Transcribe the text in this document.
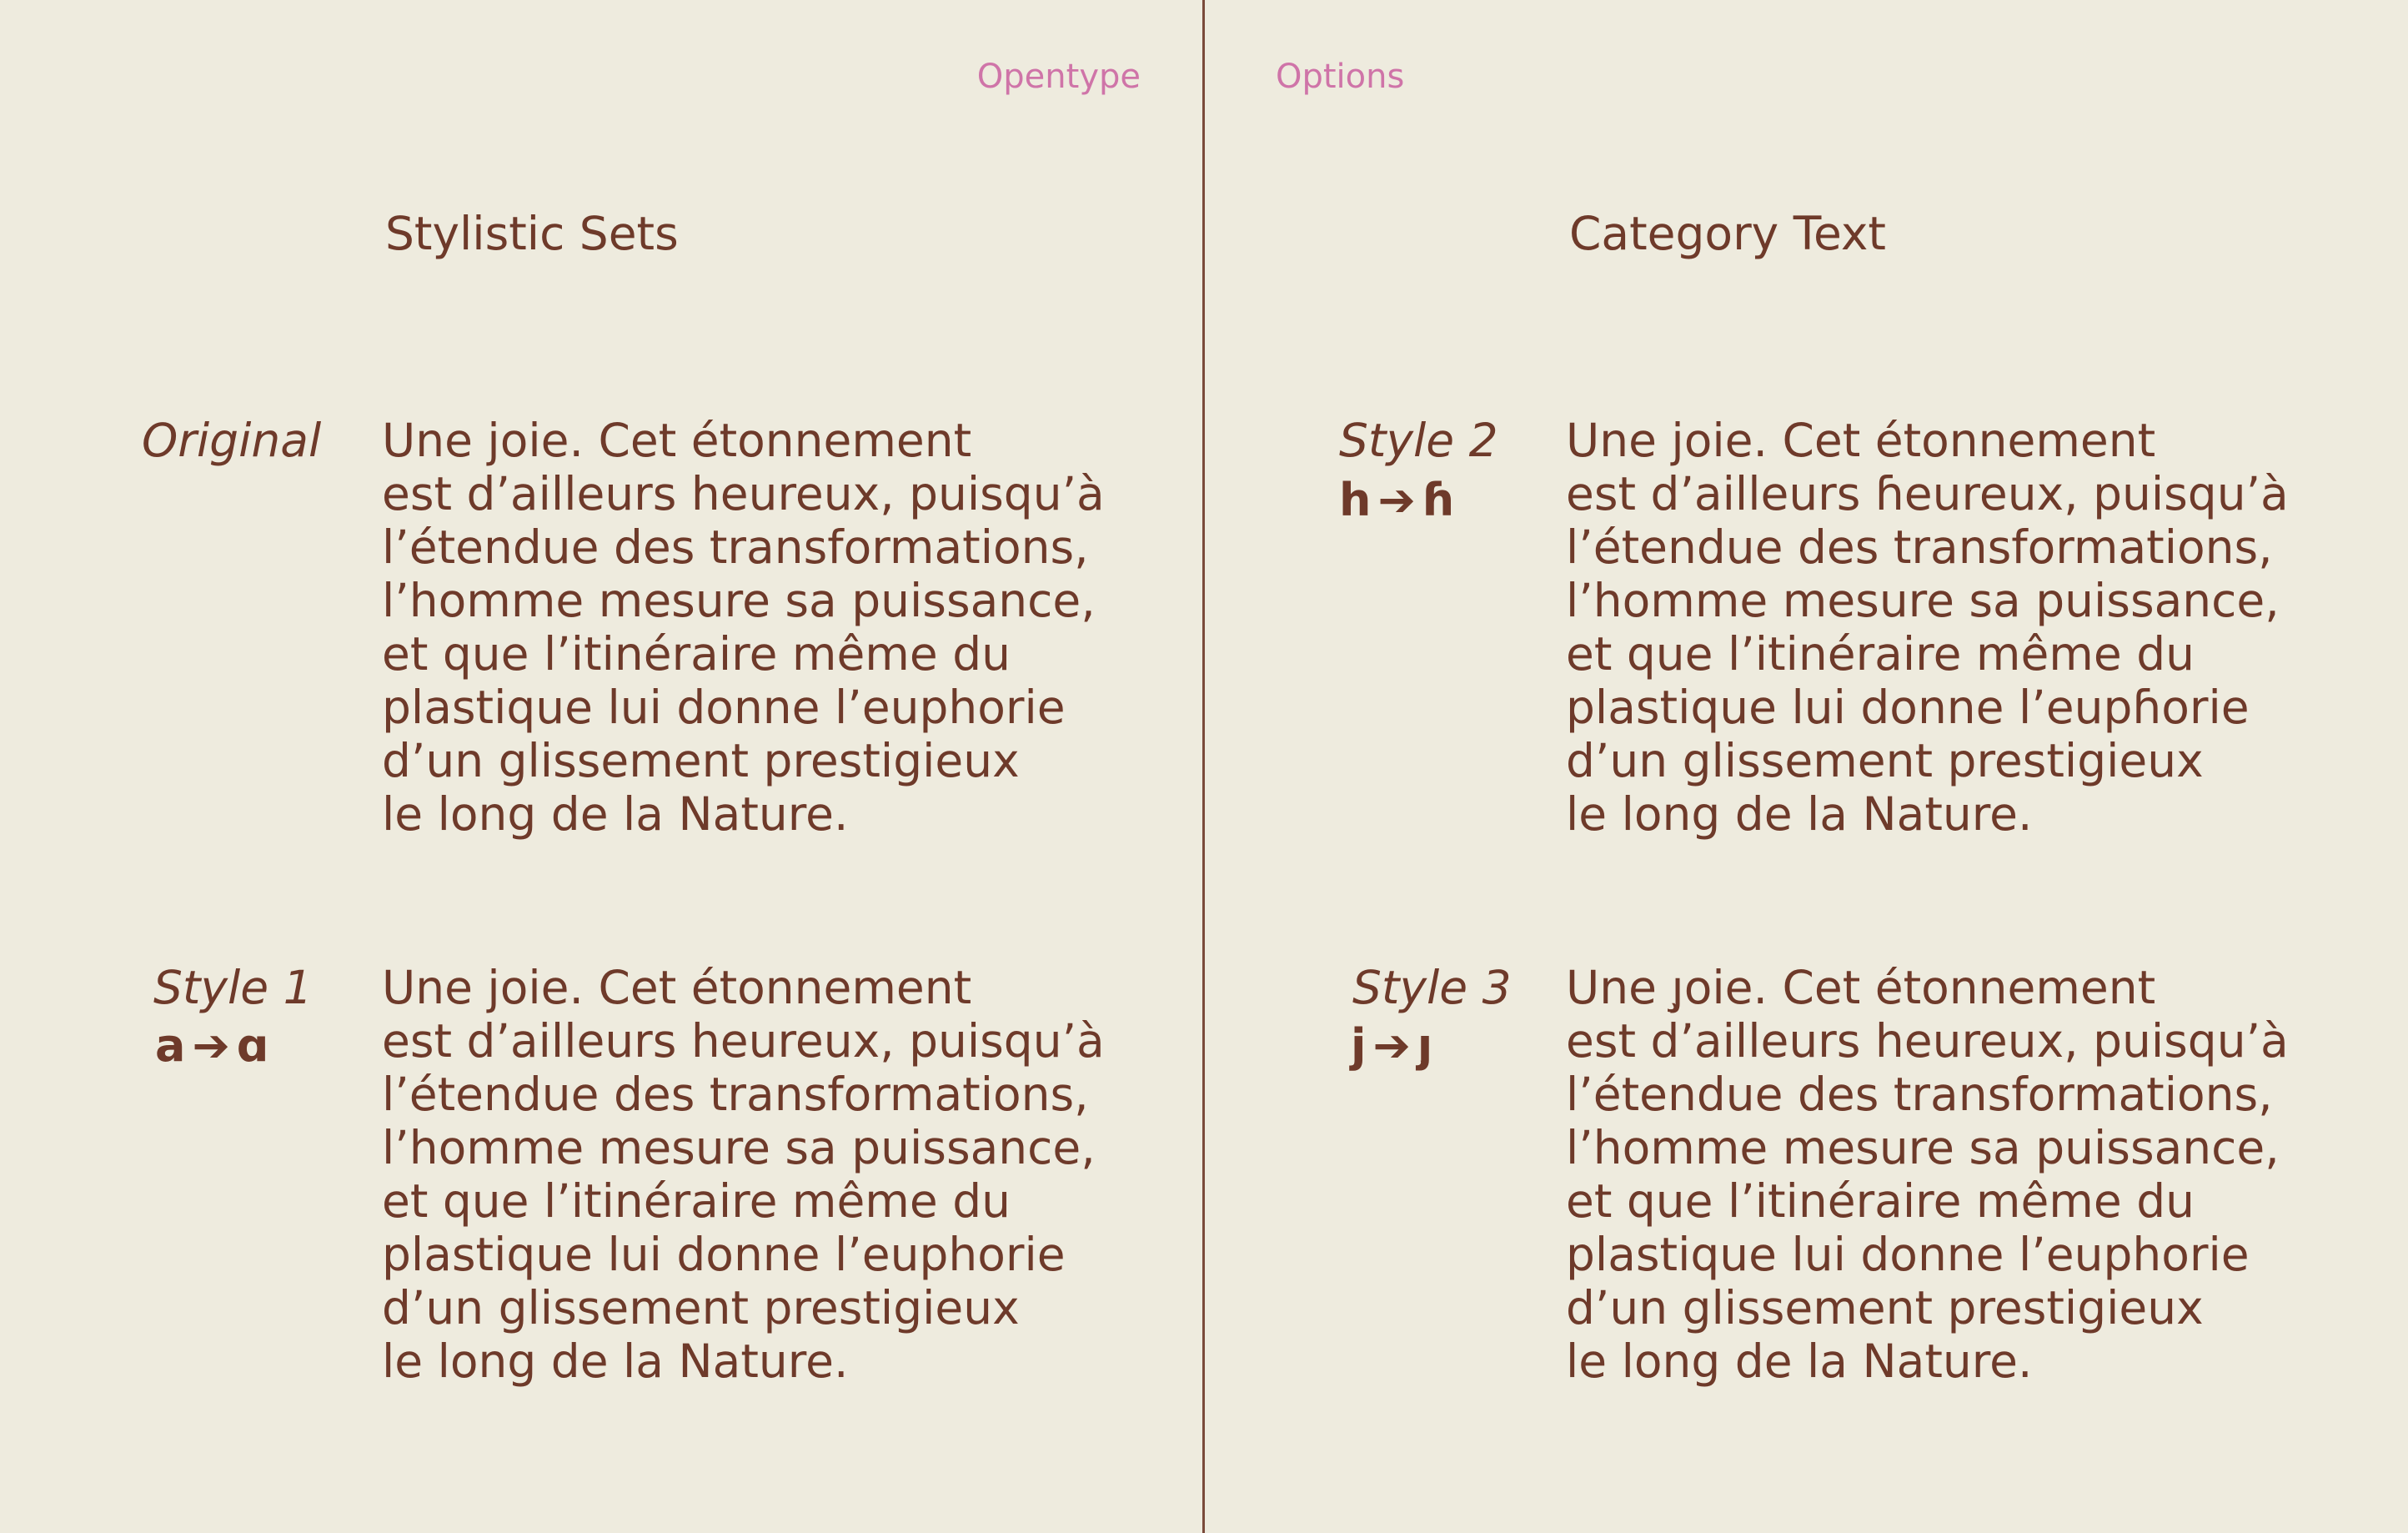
Opentype	Options
Stylistic Sets	Category Text
Original Une joie. Cet étonnement
est d’ailleurs heureux, puisqu’à
l’étendue des transformations,
l’homme mesure sa puissance,
et que l’itinéraire même du
plastique lui donne l’euphorie
d’un glissement prestigieux
le long de la Nature.
Style 1
a ➔ ɑ
Une joie. Cet étonnement
est d’ailleurs heureux, puisqu’à
l’étendue des transformations,
l’homme mesure sa puissance,
et que l’itinéraire même du
plastique lui donne l’euphorie
d’un glissement prestigieux
le long de la Nature.
Style 2
h ➔ ɦ
Une joie. Cet étonnement
est d’ailleurs ɦeureux, puisqu’à
l’étendue des transformations,
l’homme mesure sa puissance,
et que l’itinéraire même du
plastique lui donne l’eupɦorie
d’un glissement prestigieux
le long de la Nature.
Style 3
j ➔ ȷ̧
Une ȷ̧oie. Cet étonnement
est d’ailleurs heureux, puisqu’à
l’étendue des transformations,
l’homme mesure sa puissance,
et que l’itinéraire même du
plastique lui donne l’euphorie
d’un glissement prestigieux
le long de la Nature.
